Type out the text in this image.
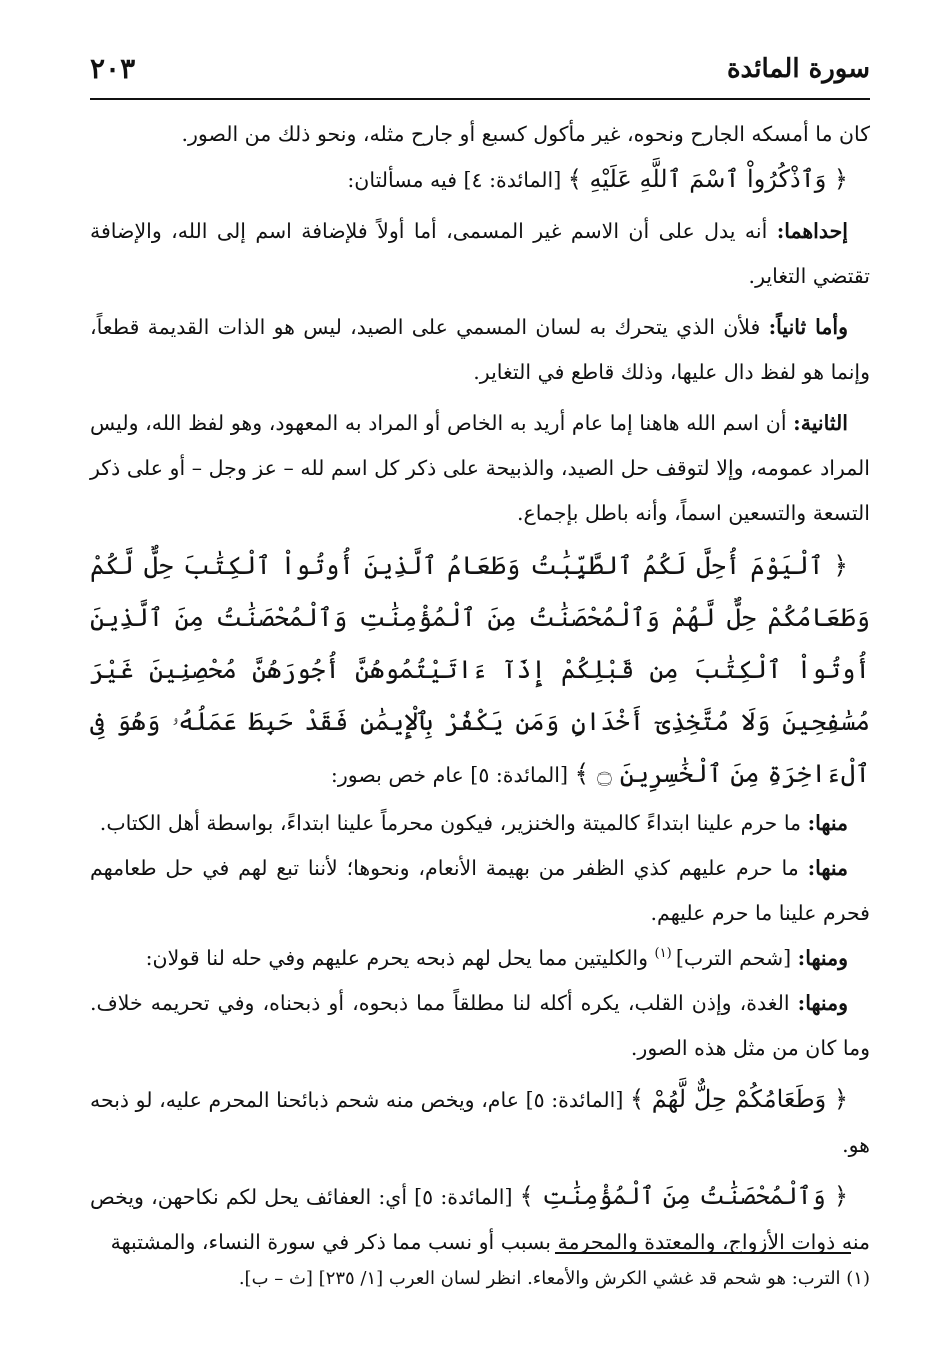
سورة المائدة
٢٠٣

كان ما أمسكه الجارح ونحوه، غير مأكول كسبع أو جارح مثله، ونحو ذلك من الصور.

﴿ وَٱذْكُرُواْ ٱسْمَ ٱللَّهِ عَلَيْهِ ﴾ [المائدة: ٤] فيه مسألتان:

إحداهما: أنه يدل على أن الاسم غير المسمى، أما أولاً فلإضافة اسم إلى الله، والإضافة تقتضي التغاير.

وأما ثانياً: فلأن الذي يتحرك به لسان المسمي على الصيد، ليس هو الذات القديمة قطعاً، وإنما هو لفظ دال عليها، وذلك قاطع في التغاير.

الثانية: أن اسم الله هاهنا إما عام أريد به الخاص أو المراد به المعهود، وهو لفظ الله، وليس المراد عمومه، وإلا لتوقف حل الصيد، والذبيحة على ذكر كل اسم لله – عز وجل – أو على ذكر التسعة والتسعين اسماً، وأنه باطل بإجماع.

﴿ ٱلْيَوْمَ أُحِلَّ لَكُمُ ٱلطَّيِّبَٰتُ وَطَعَامُ ٱلَّذِينَ أُوتُواْ ٱلْكِتَٰبَ حِلٌّ لَّكُمْ وَطَعَامُكُمْ حِلٌّ لَّهُمْ وَٱلْمُحْصَنَٰتُ مِنَ ٱلْمُؤْمِنَٰتِ وَٱلْمُحْصَنَٰتُ مِنَ ٱلَّذِينَ أُوتُواْ ٱلْكِتَٰبَ مِن قَبْلِكُمْ إِذَآ ءَاتَيْتُمُوهُنَّ أُجُورَهُنَّ مُحْصِنِينَ غَيْرَ مُسَٰفِحِينَ وَلَا مُتَّخِذِىٓ أَخْدَانٍ وَمَن يَكْفُرْ بِٱلْإِيمَٰنِ فَقَدْ حَبِطَ عَمَلُهُۥ وَهُوَ فِى ٱلْءَاخِرَةِ مِنَ ٱلْخَٰسِرِينَ ۝ ﴾ [المائدة: ٥] عام خص بصور:

منها: ما حرم علينا ابتداءً كالميتة والخنزير، فيكون محرماً علينا ابتداءً، بواسطة أهل الكتاب.

منها: ما حرم عليهم كذي الظفر من بهيمة الأنعام، ونحوها؛ لأننا تبع لهم في حل طعامهم فحرم علينا ما حرم عليهم.

ومنها: [شحم الترب] $^{(١)}$ والكليتين مما يحل لهم ذبحه يحرم عليهم وفي حله لنا قولان:

ومنها: الغدة، وإذن القلب، يكره أكله لنا مطلقاً مما ذبحوه، أو ذبحناه، وفي تحريمه خلاف. وما كان من مثل هذه الصور.

﴿ وَطَعَامُكُمْ حِلٌّ لَّهُمْ ﴾ [المائدة: ٥] عام، ويخص منه شحم ذبائحنا المحرم عليه، لو ذبحه هو.

﴿ وَٱلْمُحْصَنَٰتُ مِنَ ٱلْمُؤْمِنَٰتِ ﴾ [المائدة: ٥] أي: العفائف يحل لكم نكاحهن، ويخص منه ذوات الأزواج، والمعتدة والمحرمة بسبب أو نسب مما ذكر في سورة النساء، والمشتبهة

(١) الترب: هو شحم قد غشي الكرش والأمعاء. انظر لسان العرب [١/ ٢٣٥] [ث – ب].
